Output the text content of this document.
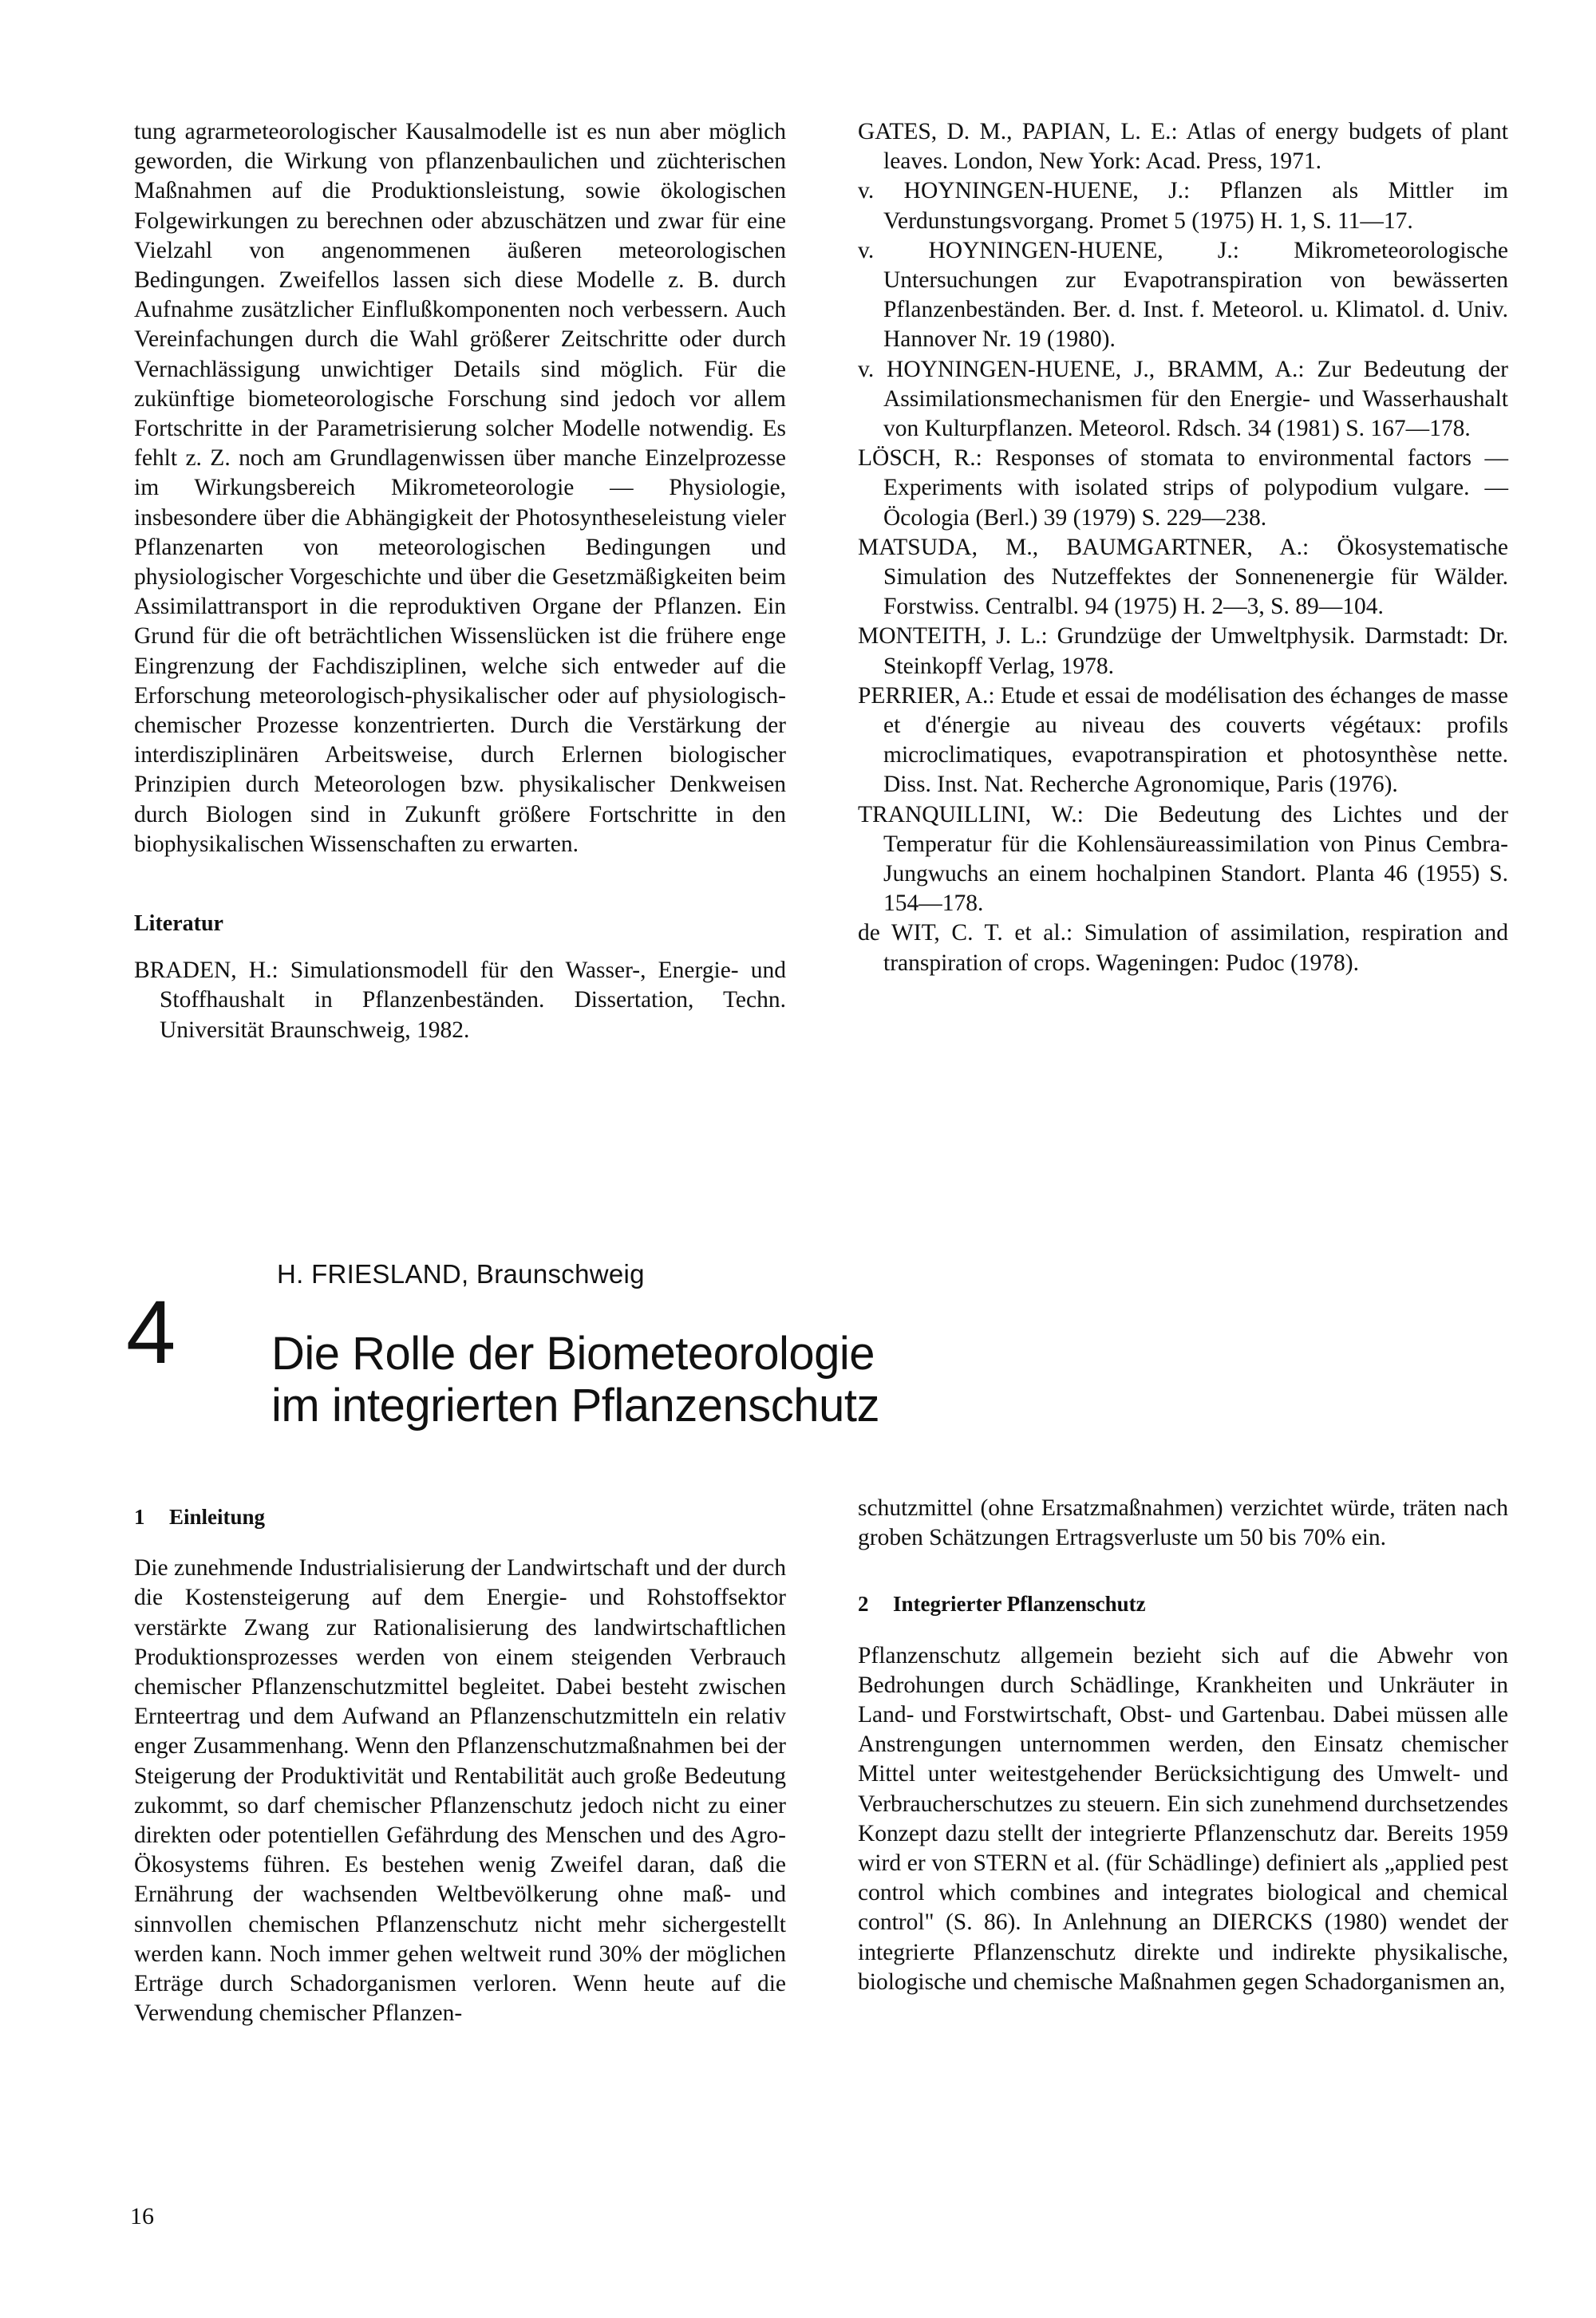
tung agrarmeteorologischer Kausalmodelle ist es nun aber möglich geworden, die Wirkung von pflanzenbaulichen und züchterischen Maßnahmen auf die Produktionsleistung, sowie ökologischen Folgewirkungen zu berechnen oder abzuschätzen und zwar für eine Vielzahl von angenommenen äußeren meteorologischen Bedingungen. Zweifellos lassen sich diese Modelle z. B. durch Aufnahme zusätzlicher Einflußkomponenten noch verbessern. Auch Vereinfachungen durch die Wahl größerer Zeitschritte oder durch Vernachlässigung unwichtiger Details sind möglich. Für die zukünftige biometeorologische Forschung sind jedoch vor allem Fortschritte in der Parametrisierung solcher Modelle notwendig. Es fehlt z. Z. noch am Grundlagenwissen über manche Einzelprozesse im Wirkungsbereich Mikrometeorologie — Physiologie, insbesondere über die Abhängigkeit der Photosyntheseleistung vieler Pflanzenarten von meteorologischen Bedingungen und physiologischer Vorgeschichte und über die Gesetzmäßigkeiten beim Assimilattransport in die reproduktiven Organe der Pflanzen. Ein Grund für die oft beträchtlichen Wissenslücken ist die frühere enge Eingrenzung der Fachdisziplinen, welche sich entweder auf die Erforschung meteorologisch-physikalischer oder auf physiologisch-chemischer Prozesse konzentrierten. Durch die Verstärkung der interdisziplinären Arbeitsweise, durch Erlernen biologischer Prinzipien durch Meteorologen bzw. physikalischer Denkweisen durch Biologen sind in Zukunft größere Fortschritte in den biophysikalischen Wissenschaften zu erwarten.

Literatur

BRADEN, H.: Simulationsmodell für den Wasser-, Energie- und Stoffhaushalt in Pflanzenbeständen. Dissertation, Techn. Universität Braunschweig, 1982.

GATES, D. M., PAPIAN, L. E.: Atlas of energy budgets of plant leaves. London, New York: Acad. Press, 1971.

v. HOYNINGEN-HUENE, J.: Pflanzen als Mittler im Verdunstungsvorgang. Promet 5 (1975) H. 1, S. 11—17.

v. HOYNINGEN-HUENE, J.: Mikrometeorologische Untersuchungen zur Evapotranspiration von bewässerten Pflanzenbeständen. Ber. d. Inst. f. Meteorol. u. Klimatol. d. Univ. Hannover Nr. 19 (1980).

v. HOYNINGEN-HUENE, J., BRAMM, A.: Zur Bedeutung der Assimilationsmechanismen für den Energie- und Wasserhaushalt von Kulturpflanzen. Meteorol. Rdsch. 34 (1981) S. 167—178.

LÖSCH, R.: Responses of stomata to environmental factors — Experiments with isolated strips of polypodium vulgare. — Öcologia (Berl.) 39 (1979) S. 229—238.

MATSUDA, M., BAUMGARTNER, A.: Ökosystematische Simulation des Nutzeffektes der Sonnenenergie für Wälder. Forstwiss. Centralbl. 94 (1975) H. 2—3, S. 89—104.

MONTEITH, J. L.: Grundzüge der Umweltphysik. Darmstadt: Dr. Steinkopff Verlag, 1978.

PERRIER, A.: Etude et essai de modélisation des échanges de masse et d'énergie au niveau des couverts végétaux: profils microclimatiques, evapotranspiration et photosynthèse nette. Diss. Inst. Nat. Recherche Agronomique, Paris (1976).

TRANQUILLINI, W.: Die Bedeutung des Lichtes und der Temperatur für die Kohlensäureassimilation von Pinus Cembra-Jungwuchs an einem hochalpinen Standort. Planta 46 (1955) S. 154—178.

de WIT, C. T. et al.: Simulation of assimilation, respiration and transpiration of crops. Wageningen: Pudoc (1978).

H. FRIESLAND, Braunschweig
4 Die Rolle der Biometeorologie
im integrierten Pflanzenschutz
1 Einleitung

Die zunehmende Industrialisierung der Landwirtschaft und der durch die Kostensteigerung auf dem Energie- und Rohstoffsektor verstärkte Zwang zur Rationalisierung des landwirtschaftlichen Produktionsprozesses werden von einem steigenden Verbrauch chemischer Pflanzenschutzmittel begleitet. Dabei besteht zwischen Ernteertrag und dem Aufwand an Pflanzenschutzmitteln ein relativ enger Zusammenhang. Wenn den Pflanzenschutzmaßnahmen bei der Steigerung der Produktivität und Rentabilität auch große Bedeutung zukommt, so darf chemischer Pflanzenschutz jedoch nicht zu einer direkten oder potentiellen Gefährdung des Menschen und des Agro-Ökosystems führen. Es bestehen wenig Zweifel daran, daß die Ernährung der wachsenden Weltbevölkerung ohne maß- und sinnvollen chemischen Pflanzenschutz nicht mehr sichergestellt werden kann. Noch immer gehen weltweit rund 30% der möglichen Erträge durch Schadorganismen verloren. Wenn heute auf die Verwendung chemischer Pflanzen-

schutzmittel (ohne Ersatzmaßnahmen) verzichtet würde, träten nach groben Schätzungen Ertragsverluste um 50 bis 70% ein.

2 Integrierter Pflanzenschutz

Pflanzenschutz allgemein bezieht sich auf die Abwehr von Bedrohungen durch Schädlinge, Krankheiten und Unkräuter in Land- und Forstwirtschaft, Obst- und Gartenbau. Dabei müssen alle Anstrengungen unternommen werden, den Einsatz chemischer Mittel unter weitestgehender Berücksichtigung des Umwelt- und Verbraucherschutzes zu steuern. Ein sich zunehmend durchsetzendes Konzept dazu stellt der integrierte Pflanzenschutz dar. Bereits 1959 wird er von STERN et al. (für Schädlinge) definiert als „applied pest control which combines and integrates biological and chemical control" (S. 86). In Anlehnung an DIERCKS (1980) wendet der integrierte Pflanzenschutz direkte und indirekte physikalische, biologische und chemische Maßnahmen gegen Schadorganismen an,

16
